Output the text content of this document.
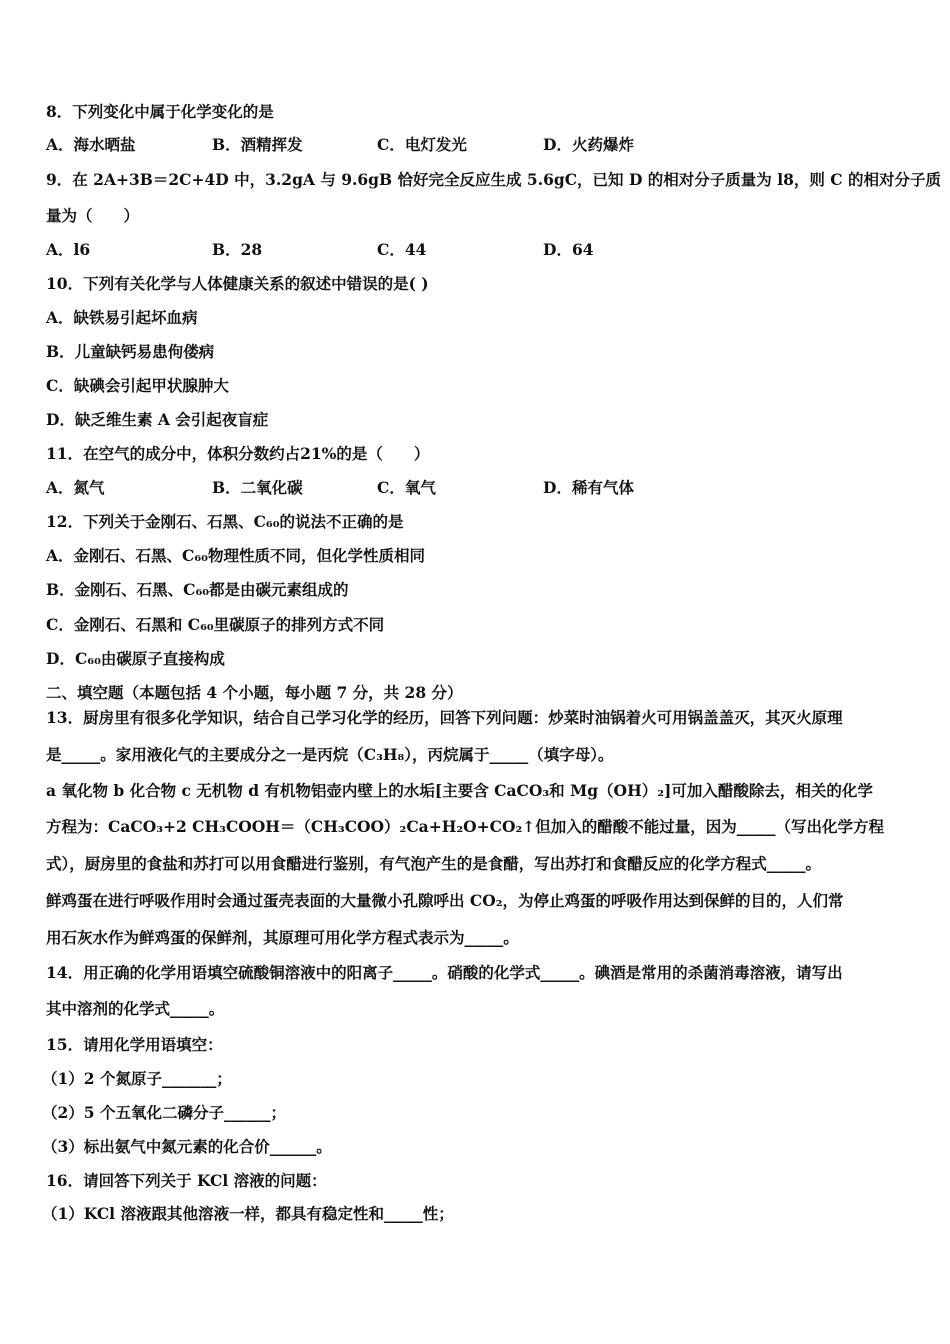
8．下列变化中属于化学变化的是
A．海水晒盐	B．酒精挥发	C．电灯发光	D．火药爆炸
9．在 2A+3B＝2C+4D 中，3.2gA 与 9.6gB 恰好完全反应生成 5.6gC，已知 D 的相对分子质量为 l8，则 C 的相对分子质
量为（　　）
A．l6	B．28	C．44	D．64
10．下列有关化学与人体健康关系的叙述中错误的是( )
A．缺铁易引起坏血病
B．儿童缺钙易患佝偻病
C．缺碘会引起甲状腺肿大
D．缺乏维生素 A 会引起夜盲症
11．在空气的成分中，体积分数约占21%的是（　　）
A．氮气	B．二氧化碳	C．氧气	D．稀有气体
12．下列关于金刚石、石黑、C₆₀的说法不正确的是
A．金刚石、石黑、C₆₀物理性质不同，但化学性质相同
B．金刚石、石黑、C₆₀都是由碳元素组成的
C．金刚石、石黑和 C₆₀里碳原子的排列方式不同
D．C₆₀由碳原子直接构成
二、填空题（本题包括 4 个小题，每小题 7 分，共 28 分）
13．厨房里有很多化学知识，结合自己学习化学的经历，回答下列问题：炒菜时油锅着火可用锅盖盖灭，其灭火原理
是_____。家用液化气的主要成分之一是丙烷（C₃H₈），丙烷属于_____（填字母）。
a 氧化物 b 化合物 c 无机物 d 有机物铝壶内壁上的水垢[主要含 CaCO₃和 Mg（OH）₂]可加入醋酸除去，相关的化学
方程为：CaCO₃+2 CH₃COOH＝（CH₃COO）₂Ca+H₂O+CO₂↑但加入的醋酸不能过量，因为_____（写出化学方程
式），厨房里的食盐和苏打可以用食醋进行鉴别，有气泡产生的是食醋，写出苏打和食醋反应的化学方程式_____。
鲜鸡蛋在进行呼吸作用时会通过蛋壳表面的大量微小孔隙呼出 CO₂，为停止鸡蛋的呼吸作用达到保鲜的目的，人们常
用石灰水作为鲜鸡蛋的保鲜剂，其原理可用化学方程式表示为_____。
14．用正确的化学用语填空硫酸铜溶液中的阳离子_____。硝酸的化学式_____。碘酒是常用的杀菌消毒溶液，请写出
其中溶剂的化学式_____。
15．请用化学用语填空：
（1）2 个氮原子_______；
（2）5 个五氧化二磷分子______；
（3）标出氨气中氮元素的化合价______。
16．请回答下列关于 KCl 溶液的问题：
（1）KCl 溶液跟其他溶液一样，都具有稳定性和_____性；
